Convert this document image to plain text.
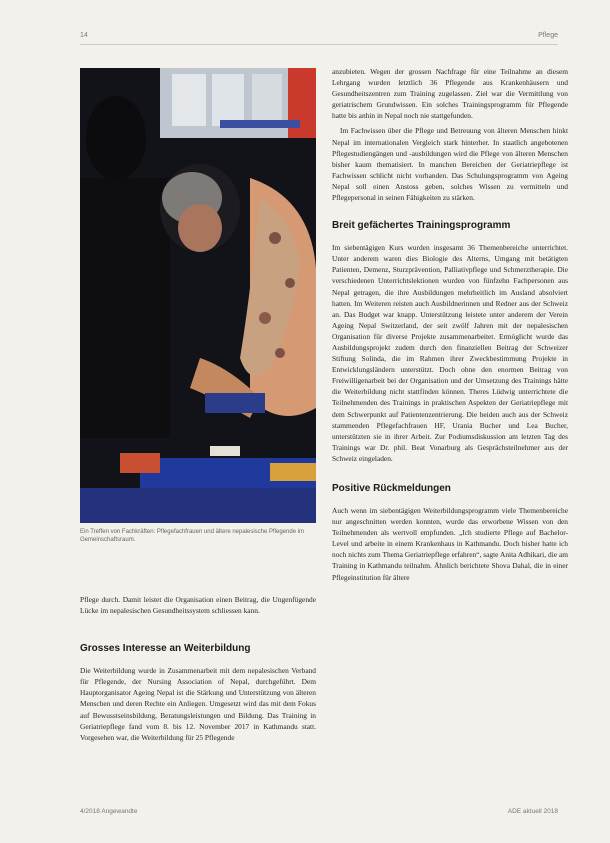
14	Pflege
Ein Treffen von Fachkräften: Pflegefachfrauen und ältere nepalesische Pflegende im Gemeinschaftsraum.

Pflege durch. Damit leistet die Organisation einen Beitrag, die Ungenfügende Lücke im nepalesischen Gesundheitssystem schliessen kann.

Grosses Interesse an Weiterbildung

Die Weiterbildung wurde in Zusammenarbeit mit dem nepalesischen Verband für Pflegende, der Nursing Association of Nepal, durchgeführt. Dem Hauptorganisator Ageing Nepal ist die Stärkung und Unterstützung von älteren Menschen und deren Rechte ein Anliegen. Umgesetzt wird das mit dem Fokus auf Bewusstseinsbildung, Beratungsleistungen und Bildung. Das Training in Geriatriepflege fand vom 8. bis 12. November 2017 in Kathmandu statt. Vorgesehen war, die Weiterbildung für 25 Pflegende

anzubieten. Wegen der grossen Nachfrage für eine Teilnahme an diesem Lehrgang wurden letztlich 36 Pflegende aus Krankenhäusern und Gesundheitszentren zum Training zugelassen. Ziel war die Vermittlung von geriatrischem Grundwissen. Ein solches Trainingsprogramm für Pflegende hatte bis anhin in Nepal noch nie stattgefunden.

Im Fachwissen über die Pflege und Betreuung von älteren Menschen hinkt Nepal im internationalen Vergleich stark hinterher. In staatlich angebotenen Pflegestudiengängen und -ausbildungen wird die Pflege von älteren Menschen bisher kaum thematisiert. In manchen Bereichen der Geriatriepflege ist Fachwissen schlicht nicht vorhanden. Das Schulungsprogramm von Ageing Nepal soll einen Anstoss geben, solches Wissen zu vermitteln und Pflegepersonal in seinen Fähigkeiten zu stärken.

Breit gefächertes Trainingsprogramm

Im siebentägigen Kurs wurden insgesamt 36 Themenbereiche unterrichtet. Unter anderem waren dies Biologie des Alterns, Umgang mit betätigten Patienten, Demenz, Sturzprävention, Palliativpflege und Schmerztherapie. Die verschiedenen Unterrichtslektionen wurden von fünfzehn Fachpersonen aus Nepal getragen, die ihre Ausbildungen mehrheitlich im Ausland absolviert hatten. Im Weiteren reisten auch Ausbildnerinnen und Redner aus der Schweiz an. Das Budget war knapp. Unterstützung leistete unter anderem der Verein Ageing Nepal Switzerland, der seit zwölf Jahren mit der nepalesischen Organisation für diverse Projekte zusammenarbeitet. Ermöglicht wurde das Ausbildungsprojekt zudem durch den finanziellen Beitrag der Schweizer Stiftung Solinda, die im Rahmen ihrer Zweckbestimmung Projekte in Entwicklungsländern unterstützt. Doch ohne den enormen Beitrag von Freiwilligenarbeit bei der Organisation und der Umsetzung des Trainings hätte die Weiterbildung nicht stattfinden können. Theres Lüdwig unterrichtete die Teilnehmenden des Trainings in praktischen Aspekten der Geriatriepflege mit dem Schwerpunkt auf Patientenzentrierung. Die beiden auch aus der Schweiz stammenden Pflegefachfrauen HF, Urania Bucher und Lea Bucher, unterstützten sie in ihrer Arbeit. Zur Podiumsdiskussion am letzten Tag des Trainings war Dr. phil. Beat Vonarburg als Gesprächsteilnehmer aus der Schweiz eingeladen.

Positive Rückmeldungen

Auch wenn im siebentägigen Weiterbildungsprogramm viele Themenbereiche nur angeschnitten werden konnten, wurde das erworbene Wissen von den Teilnehmenden als wertvoll empfunden. „Ich studierte Pflege auf Bachelor-Level und arbeite in einem Krankenhaus in Kathmandu. Doch bisher hatte ich noch nichts zum Thema Geriatriepflege erfahren“, sagte Anita Adhikari, die am Training in Kathmandu teilnahm. Ähnlich berichtete Shova Dahal, die in einer Pflegeinstitution für ältere

4/2018 Angewandte	ADE aktuell 2018
